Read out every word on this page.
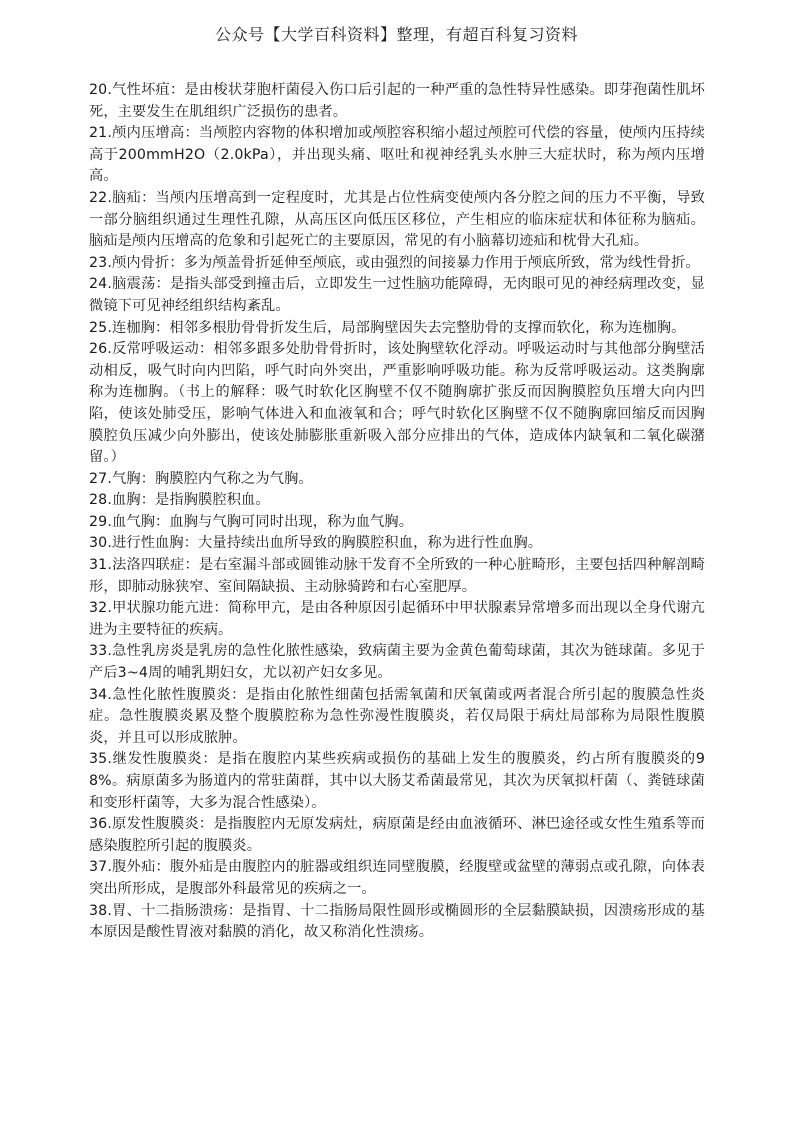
公众号【大学百科资料】整理，有超百科复习资料

20.气性坏疽：是由梭状芽胞杆菌侵入伤口后引起的一种严重的急性特异性感染。即芽孢菌性肌坏死，主要发生在肌组织广泛损伤的患者。

21.颅内压增高：当颅腔内容物的体积增加或颅腔容积缩小超过颅腔可代偿的容量，使颅内压持续高于200mmH2O（2.0kPa），并出现头痛、呕吐和视神经乳头水肿三大症状时，称为颅内压增高。

22.脑疝：当颅内压增高到一定程度时，尤其是占位性病变使颅内各分腔之间的压力不平衡，导致一部分脑组织通过生理性孔隙，从高压区向低压区移位，产生相应的临床症状和体征称为脑疝。脑疝是颅内压增高的危象和引起死亡的主要原因，常见的有小脑幕切迹疝和枕骨大孔疝。

23.颅内骨折：多为颅盖骨折延伸至颅底，或由强烈的间接暴力作用于颅底所致，常为线性骨折。

24.脑震荡：是指头部受到撞击后，立即发生一过性脑功能障碍，无肉眼可见的神经病理改变，显微镜下可见神经组织结构紊乱。

25.连枷胸：相邻多根肋骨骨折发生后，局部胸壁因失去完整肋骨的支撑而软化，称为连枷胸。

26.反常呼吸运动：相邻多跟多处肋骨骨折时，该处胸壁软化浮动。呼吸运动时与其他部分胸壁活动相反，吸气时向内凹陷，呼气时向外突出，严重影响呼吸功能。称为反常呼吸运动。这类胸廓称为连枷胸。（书上的解释：吸气时软化区胸壁不仅不随胸廓扩张反而因胸膜腔负压增大向内凹陷，使该处肺受压，影响气体进入和血液氧和合；呼气时软化区胸壁不仅不随胸廓回缩反而因胸膜腔负压减少向外膨出，使该处肺膨胀重新吸入部分应排出的气体，造成体内缺氧和二氧化碳潴留。）

27.气胸：胸膜腔内气称之为气胸。

28.血胸：是指胸膜腔积血。

29.血气胸：血胸与气胸可同时出现，称为血气胸。

30.进行性血胸：大量持续出血所导致的胸膜腔积血，称为进行性血胸。

31.法洛四联症：是右室漏斗部或圆锥动脉干发育不全所致的一种心脏畸形，主要包括四种解剖畸形，即肺动脉狭窄、室间隔缺损、主动脉骑跨和右心室肥厚。

32.甲状腺功能亢进：简称甲亢，是由各种原因引起循环中甲状腺素异常增多而出现以全身代谢亢进为主要特征的疾病。

33.急性乳房炎是乳房的急性化脓性感染，致病菌主要为金黄色葡萄球菌，其次为链球菌。多见于产后3~4周的哺乳期妇女，尤以初产妇女多见。

34.急性化脓性腹膜炎：是指由化脓性细菌包括需氧菌和厌氧菌或两者混合所引起的腹膜急性炎症。急性腹膜炎累及整个腹膜腔称为急性弥漫性腹膜炎，若仅局限于病灶局部称为局限性腹膜炎，并且可以形成脓肿。

35.继发性腹膜炎：是指在腹腔内某些疾病或损伤的基础上发生的腹膜炎，约占所有腹膜炎的98%。病原菌多为肠道内的常驻菌群，其中以大肠艾希菌最常见，其次为厌氧拟杆菌（、粪链球菌和变形杆菌等，大多为混合性感染）。

36.原发性腹膜炎：是指腹腔内无原发病灶，病原菌是经由血液循环、淋巴途径或女性生殖系等而感染腹腔所引起的腹膜炎。

37.腹外疝：腹外疝是由腹腔内的脏器或组织连同壁腹膜，经腹壁或盆壁的薄弱点或孔隙，向体表突出所形成，是腹部外科最常见的疾病之一。

38.胃、十二指肠溃疡：是指胃、十二指肠局限性圆形或椭圆形的全层黏膜缺损，因溃疡形成的基本原因是酸性胃液对黏膜的消化，故又称消化性溃疡。
